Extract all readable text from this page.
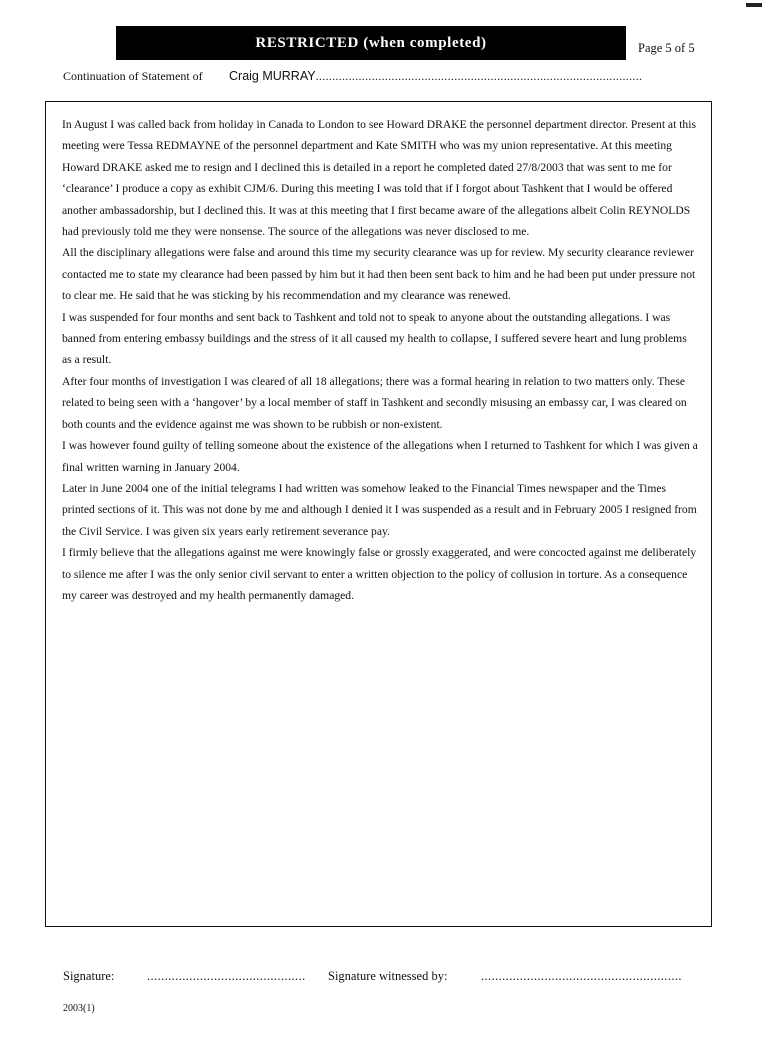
RESTRICTED (when completed)	Page 5 of 5
Continuation of Statement of Craig MURRAY...................................................................................................

In August I was called back from holiday in Canada to London to see Howard DRAKE the personnel department director. Present at this meeting were Tessa REDMAYNE of the personnel department and Kate SMITH who was my union representative. At this meeting Howard DRAKE asked me to resign and I declined this is detailed in a report he completed dated 27/8/2003 that was sent to me for ‘clearance’ I produce a copy as exhibit CJM/6. During this meeting I was told that if I forgot about Tashkent that I would be offered another ambassadorship, but I declined this. It was at this meeting that I first became aware of the allegations albeit Colin REYNOLDS had previously told me they were nonsense. The source of the allegations was never disclosed to me.

All the disciplinary allegations were false and around this time my security clearance was up for review. My security clearance reviewer contacted me to state my clearance had been passed by him but it had then been sent back to him and he had been put under pressure not to clear me. He said that he was sticking by his recommendation and my clearance was renewed.

I was suspended for four months and sent back to Tashkent and told not to speak to anyone about the outstanding allegations. I was banned from entering embassy buildings and the stress of it all caused my health to collapse, I suffered severe heart and lung problems as a result.

After four months of investigation I was cleared of all 18 allegations; there was a formal hearing in relation to two matters only. These related to being seen with a ‘hangover’ by a local member of staff in Tashkent and secondly misusing an embassy car, I was cleared on both counts and the evidence against me was shown to be rubbish or non-existent.

I was however found guilty of telling someone about the existence of the allegations when I returned to Tashkent for which I was given a final written warning in January 2004.

Later in June 2004 one of the initial telegrams I had written was somehow leaked to the Financial Times newspaper and the Times printed sections of it. This was not done by me and although I denied it I was suspended as a result and in February 2005 I resigned from the Civil Service. I was given six years early retirement severance pay.

I firmly believe that the allegations against me were knowingly false or grossly exaggerated, and were concocted against me deliberately to silence me after I was the only senior civil servant to enter a written objection to the policy of collusion in torture. As a consequence my career was destroyed and my health permanently damaged.

Signature:	............................................. Signature witnessed by:	.........................................................
2003(1)
